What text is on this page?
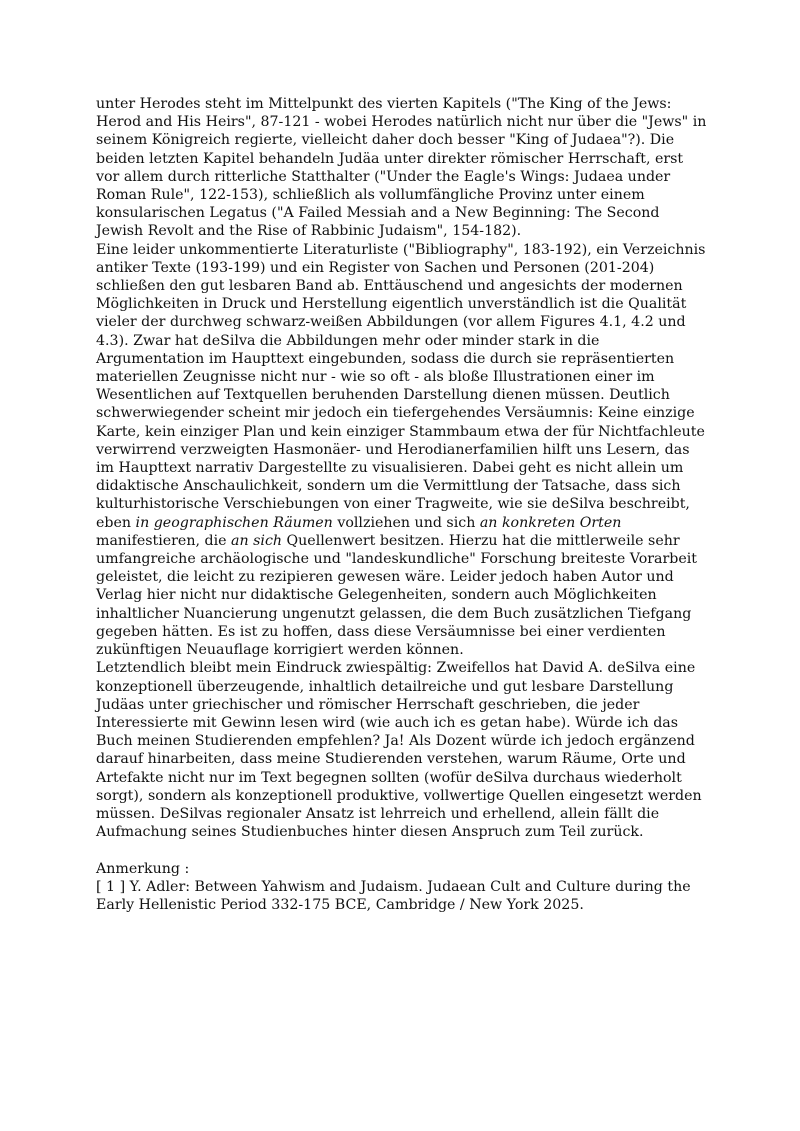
unter Herodes steht im Mittelpunkt des vierten Kapitels ("The King of the Jews: Herod and His Heirs", 87-121 - wobei Herodes natürlich nicht nur über die "Jews" in seinem Königreich regierte, vielleicht daher doch besser "King of Judaea"?). Die beiden letzten Kapitel behandeln Judäa unter direkter römischer Herrschaft, erst vor allem durch ritterliche Statthalter ("Under the Eagle's Wings: Judaea under Roman Rule", 122-153), schließlich als vollumfängliche Provinz unter einem konsularischen Legatus ("A Failed Messiah and a New Beginning: The Second Jewish Revolt and the Rise of Rabbinic Judaism", 154-182).

Eine leider unkommentierte Literaturliste ("Bibliography", 183-192), ein Verzeichnis antiker Texte (193-199) und ein Register von Sachen und Personen (201-204) schließen den gut lesbaren Band ab. Enttäuschend und angesichts der modernen Möglichkeiten in Druck und Herstellung eigentlich unverständlich ist die Qualität vieler der durchweg schwarz-weißen Abbildungen (vor allem Figures 4.1, 4.2 und 4.3). Zwar hat deSilva die Abbildungen mehr oder minder stark in die Argumentation im Haupttext eingebunden, sodass die durch sie repräsentierten materiellen Zeugnisse nicht nur - wie so oft - als bloße Illustrationen einer im Wesentlichen auf Textquellen beruhenden Darstellung dienen müssen. Deutlich schwerwiegender scheint mir jedoch ein tiefergehendes Versäumnis: Keine einzige Karte, kein einziger Plan und kein einziger Stammbaum etwa der für Nichtfachleute verwirrend verzweigten Hasmonäer- und Herodianerfamilien hilft uns Lesern, das im Haupttext narrativ Dargestellte zu visualisieren. Dabei geht es nicht allein um didaktische Anschaulichkeit, sondern um die Vermittlung der Tatsache, dass sich kulturhistorische Verschiebungen von einer Tragweite, wie sie deSilva beschreibt, eben in geographischen Räumen vollziehen und sich an konkreten Orten manifestieren, die an sich Quellenwert besitzen. Hierzu hat die mittlerweile sehr umfangreiche archäologische und "landeskundliche" Forschung breiteste Vorarbeit geleistet, die leicht zu rezipieren gewesen wäre. Leider jedoch haben Autor und Verlag hier nicht nur didaktische Gelegenheiten, sondern auch Möglichkeiten inhaltlicher Nuancierung ungenutzt gelassen, die dem Buch zusätzlichen Tiefgang gegeben hätten. Es ist zu hoffen, dass diese Versäumnisse bei einer verdienten zukünftigen Neuauflage korrigiert werden können.

Letztendlich bleibt mein Eindruck zwiespältig: Zweifellos hat David A. deSilva eine konzeptionell überzeugende, inhaltlich detailreiche und gut lesbare Darstellung Judäas unter griechischer und römischer Herrschaft geschrieben, die jeder Interessierte mit Gewinn lesen wird (wie auch ich es getan habe). Würde ich das Buch meinen Studierenden empfehlen? Ja! Als Dozent würde ich jedoch ergänzend darauf hinarbeiten, dass meine Studierenden verstehen, warum Räume, Orte und Artefakte nicht nur im Text begegnen sollten (wofür deSilva durchaus wiederholt sorgt), sondern als konzeptionell produktive, vollwertige Quellen eingesetzt werden müssen. DeSilvas regionaler Ansatz ist lehrreich und erhellend, allein fällt die Aufmachung seines Studienbuches hinter diesen Anspruch zum Teil zurück.

Anmerkung :

[ 1 ] Y. Adler: Between Yahwism and Judaism. Judaean Cult and Culture during the Early Hellenistic Period 332-175 BCE, Cambridge / New York 2025.
